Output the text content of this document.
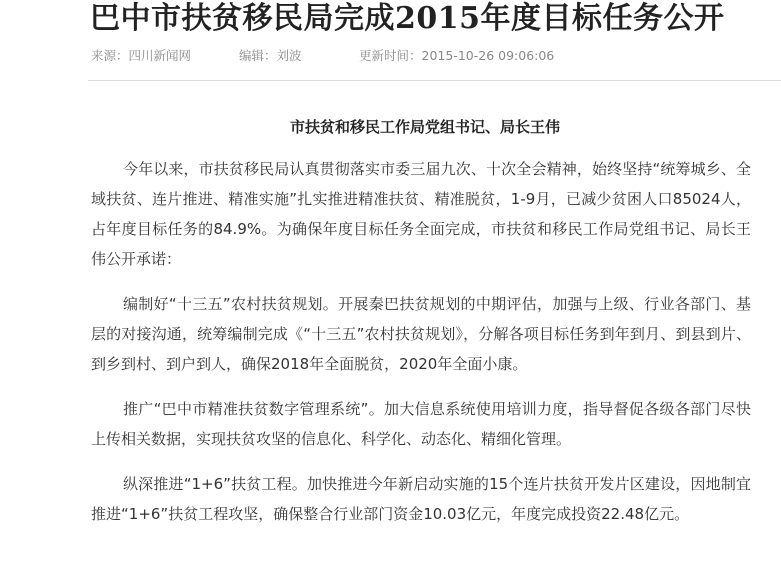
巴中市扶贫移民局完成2015年度目标任务公开
来源：四川新闻网	编辑：刘波	更新时间：2015-10-26 09:06:06
市扶贫和移民工作局党组书记、局长王伟

今年以来，市扶贫移民局认真贯彻落实市委三届九次、十次全会精神，始终坚持“统筹城乡、全域扶贫、连片推进、精准实施”扎实推进精准扶贫、精准脱贫，1-9月，已减少贫困人口85024人，占年度目标任务的84.9%。为确保年度目标任务全面完成，市扶贫和移民工作局党组书记、局长王伟公开承诺：

编制好“十三五”农村扶贫规划。开展秦巴扶贫规划的中期评估，加强与上级、行业各部门、基层的对接沟通，统筹编制完成《“十三五”农村扶贫规划》，分解各项目标任务到年到月、到县到片、到乡到村、到户到人，确保2018年全面脱贫，2020年全面小康。

推广“巴中市精准扶贫数字管理系统”。加大信息系统使用培训力度，指导督促各级各部门尽快上传相关数据，实现扶贫攻坚的信息化、科学化、动态化、精细化管理。

纵深推进“1+6”扶贫工程。加快推进今年新启动实施的15个连片扶贫开发片区建设，因地制宜推进“1+6”扶贫工程攻坚，确保整合行业部门资金10.03亿元，年度完成投资22.48亿元。
